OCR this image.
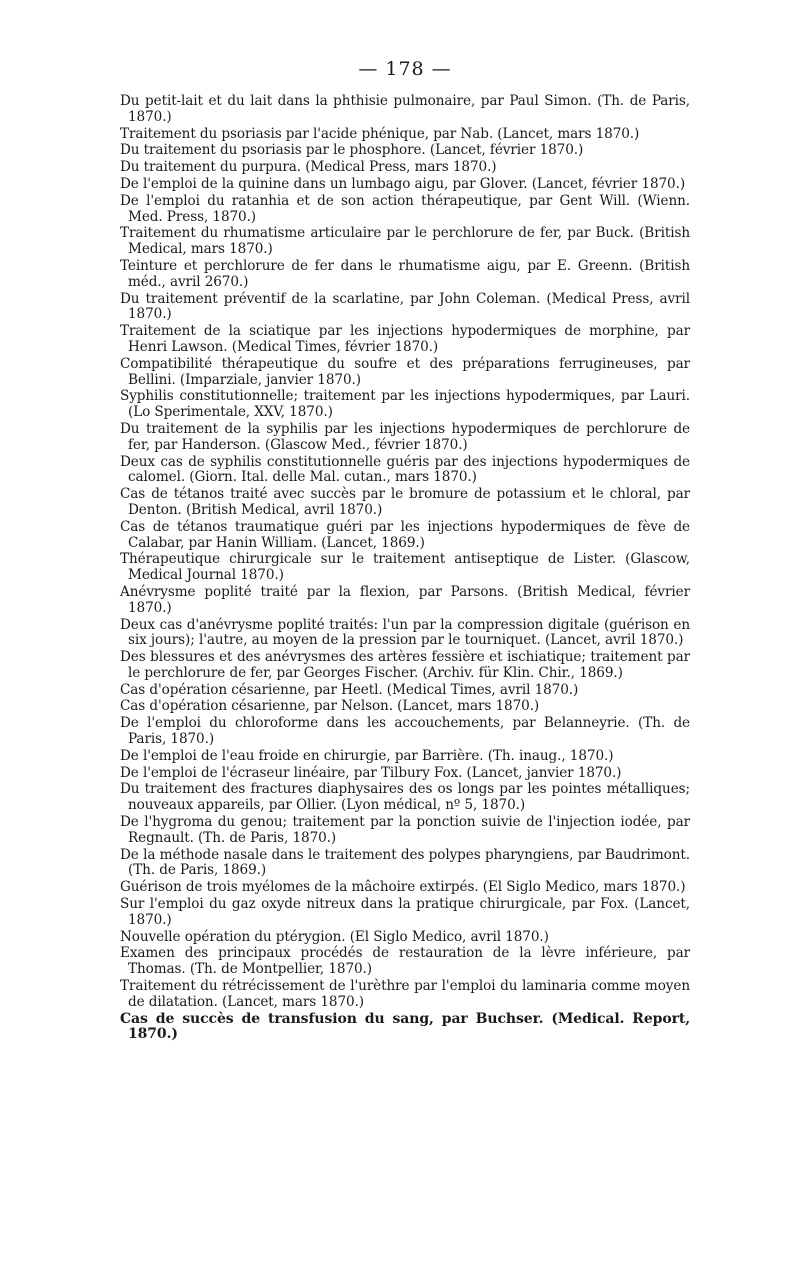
— 178 —
Du petit-lait et du lait dans la phthisie pulmonaire, par Paul Simon. (Th. de Paris, 1870.)
Traitement du psoriasis par l'acide phénique, par Nab. (Lancet, mars 1870.)
Du traitement du psoriasis par le phosphore. (Lancet, février 1870.)
Du traitement du purpura. (Medical Press, mars 1870.)
De l'emploi de la quinine dans un lumbago aigu, par Glover. (Lancet, février 1870.)
De l'emploi du ratanhia et de son action thérapeutique, par Gent Will. (Wienn. Med. Press, 1870.)
Traitement du rhumatisme articulaire par le perchlorure de fer, par Buck. (British Medical, mars 1870.)
Teinture et perchlorure de fer dans le rhumatisme aigu, par E. Greenn. (British méd., avril 2670.)
Du traitement préventif de la scarlatine, par John Coleman. (Medical Press, avril 1870.)
Traitement de la sciatique par les injections hypodermiques de morphine, par Henri Lawson. (Medical Times, février 1870.)
Compatibilité thérapeutique du soufre et des préparations ferrugineuses, par Bellini. (Imparziale, janvier 1870.)
Syphilis constitutionnelle; traitement par les injections hypodermiques, par Lauri. (Lo Sperimentale, XXV, 1870.)
Du traitement de la syphilis par les injections hypodermiques de perchlorure de fer, par Handerson. (Glascow Med., février 1870.)
Deux cas de syphilis constitutionnelle guéris par des injections hypodermiques de calomel. (Giorn. Ital. delle Mal. cutan., mars 1870.)
Cas de tétanos traité avec succès par le bromure de potassium et le chloral, par Denton. (British Medical, avril 1870.)
Cas de tétanos traumatique guéri par les injections hypodermiques de fève de Calabar, par Hanin William. (Lancet, 1869.)
Thérapeutique chirurgicale sur le traitement antiseptique de Lister. (Glascow, Medical Journal 1870.)
Anévrysme poplité traité par la flexion, par Parsons. (British Medical, février 1870.)
Deux cas d'anévrysme poplité traités: l'un par la compression digitale (guérison en six jours); l'autre, au moyen de la pression par le tourniquet. (Lancet, avril 1870.)
Des blessures et des anévrysmes des artères fessière et ischiatique; traitement par le perchlorure de fer, par Georges Fischer. (Archiv. für Klin. Chir., 1869.)
Cas d'opération césarienne, par Heetl. (Medical Times, avril 1870.)
Cas d'opération césarienne, par Nelson. (Lancet, mars 1870.)
De l'emploi du chloroforme dans les accouchements, par Belanneyrie. (Th. de Paris, 1870.)
De l'emploi de l'eau froide en chirurgie, par Barrière. (Th. inaug., 1870.)
De l'emploi de l'écraseur linéaire, par Tilbury Fox. (Lancet, janvier 1870.)
Du traitement des fractures diaphysaires des os longs par les pointes métalliques; nouveaux appareils, par Ollier. (Lyon médical, nº 5, 1870.)
De l'hygroma du genou; traitement par la ponction suivie de l'injection iodée, par Regnault. (Th. de Paris, 1870.)
De la méthode nasale dans le traitement des polypes pharyngiens, par Baudrimont. (Th. de Paris, 1869.)
Guérison de trois myélomes de la mâchoire extirpés. (El Siglo Medico, mars 1870.)
Sur l'emploi du gaz oxyde nitreux dans la pratique chirurgicale, par Fox. (Lancet, 1870.)
Nouvelle opération du ptérygion. (El Siglo Medico, avril 1870.)
Examen des principaux procédés de restauration de la lèvre inférieure, par Thomas. (Th. de Montpellier, 1870.)
Traitement du rétrécissement de l'urèthre par l'emploi du laminaria comme moyen de dilatation. (Lancet, mars 1870.)
Cas de succès de transfusion du sang, par Buchser. (Medical. Report, 1870.)
